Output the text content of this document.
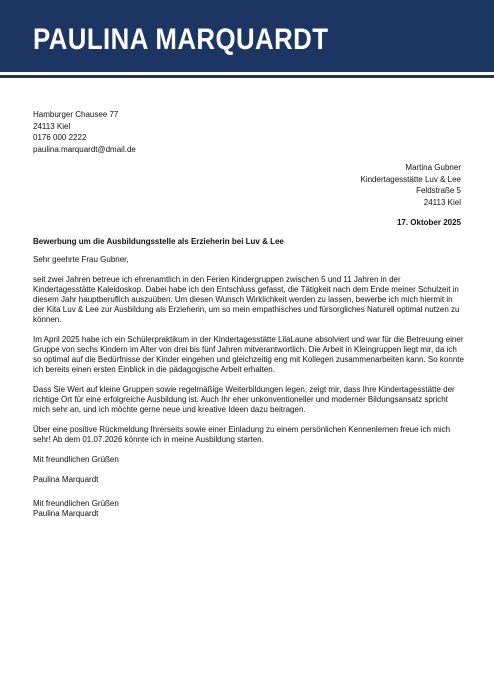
PAULINA MARQUARDT
Hamburger Chausee 77
24113 Kiel
0176 000 2222
paulina.marquardt@dmail.de
Martina Gubner
Kindertagesstätte Luv & Lee
Feldstraße 5
24113 Kiel
17. Oktober 2025
Bewerbung um die Ausbildungsstelle als Erzieherin bei Luv & Lee

Sehr geehrte Frau Gubner,

seit zwei Jahren betreue ich ehrenamtlich in den Ferien Kindergruppen zwischen 5 und 11 Jahren in der Kindertagesstätte Kaleidoskop. Dabei habe ich den Entschluss gefasst, die Tätigkeit nach dem Ende meiner Schulzeit in diesem Jahr hauptberuflich auszuüben. Um diesen Wunsch Wirklichkeit werden zu lassen, bewerbe ich mich hiermit in der Kita Luv & Lee zur Ausbildung als Erzieherin, um so mein empathisches und fürsorgliches Naturell optimal nutzen zu können.

Im April 2025 habe ich ein Schülerpraktikum in der Kindertagesstätte LilaLaune absolviert und war für die Betreuung einer Gruppe von sechs Kindern im Alter von drei bis fünf Jahren mitverantwortlich. Die Arbeit in Kleingruppen liegt mir, da ich so optimal auf die Bedürfnisse der Kinder eingehen und gleichzeitig eng mit Kollegen zusammenarbeiten kann. So konnte ich bereits einen ersten Einblick in die pädagogische Arbeit erhalten.

Dass Sie Wert auf kleine Gruppen sowie regelmäßige Weiterbildungen legen, zeigt mir, dass Ihre Kindertagesstätte der richtige Ort für eine erfolgreiche Ausbildung ist. Auch Ihr eher unkonventioneller und moderner Bildungsansatz spricht mich sehr an, und ich möchte gerne neue und kreative Ideen dazu beitragen.

Über eine positive Rückmeldung Ihrerseits sowie einer Einladung zu einem persönlichen Kennenlernen freue ich mich sehr! Ab dem 01.07.2026 könnte ich in meine Ausbildung starten.

Mit freundlichen Grüßen

Paulina Marquardt

Mit freundlichen Grüßen
Paulina Marquardt
